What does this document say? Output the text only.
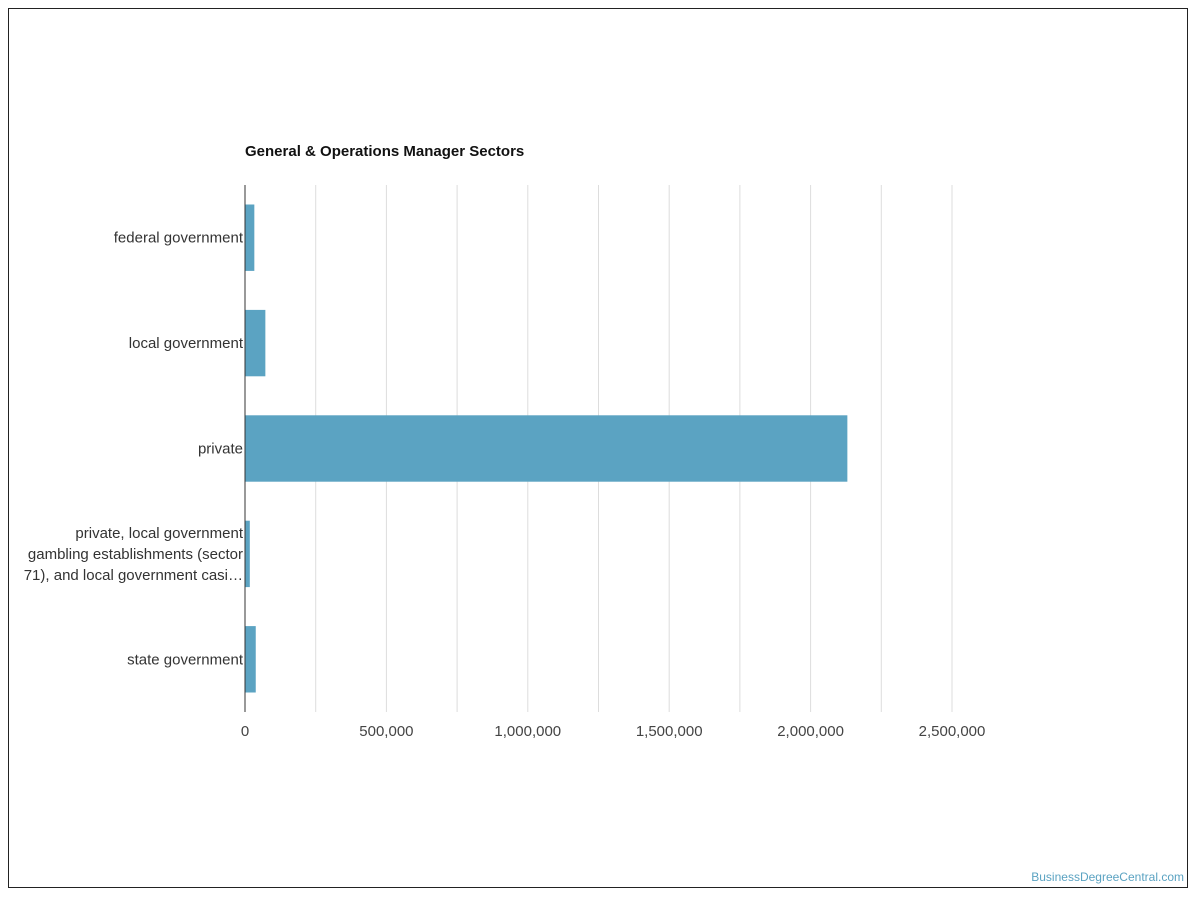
General & Operations Manager Sectors
federal government
local government
private
private, local government
gambling establishments (sector
71), and local government casi…
state government
0	500,000	1,000,000	1,500,000	2,000,000	2,500,000
BusinessDegreeCentral.com
